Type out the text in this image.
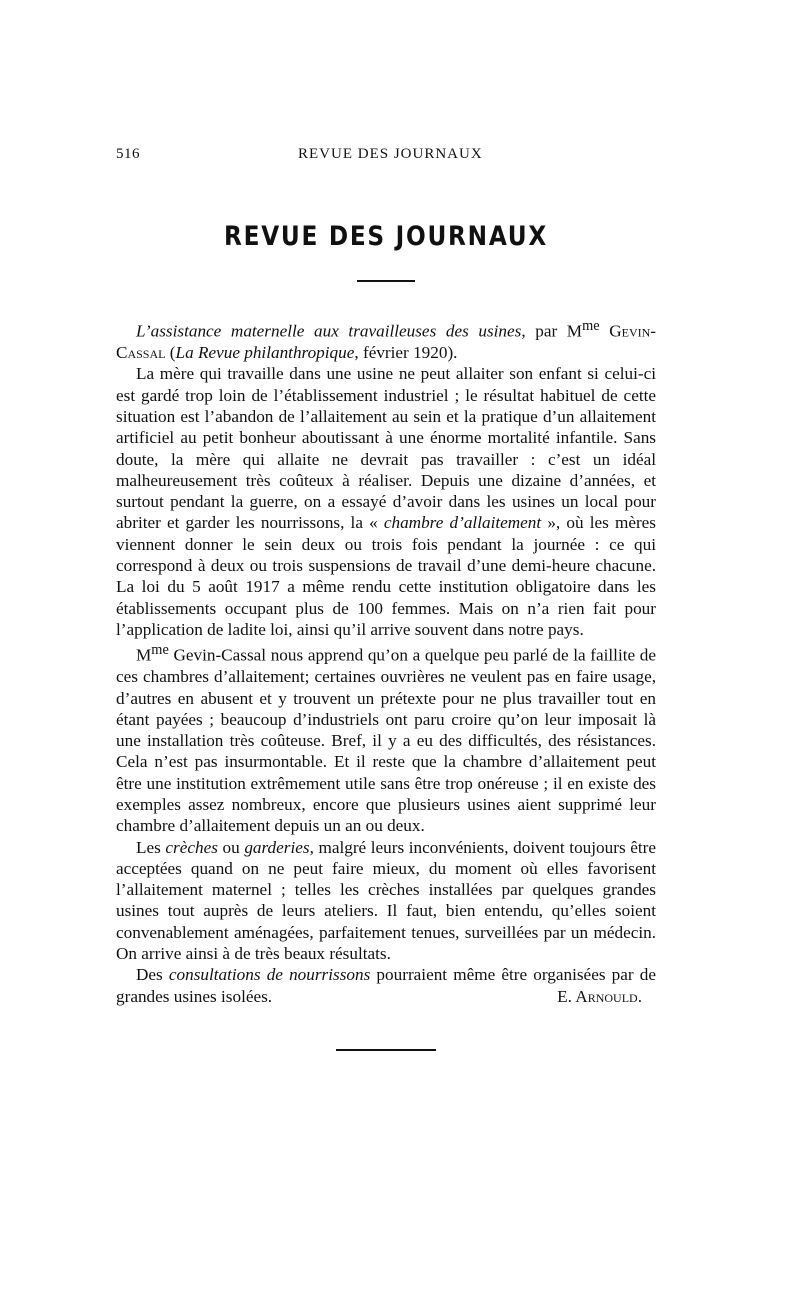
516	REVUE DES JOURNAUX
REVUE DES JOURNAUX

L’assistance maternelle aux travailleuses des usines, par $M^{me}$ Gevin-Cassal (La Revue philanthropique, février 1920).

La mère qui travaille dans une usine ne peut allaiter son enfant si celui-ci est gardé trop loin de l’établissement industriel ; le résultat habituel de cette situation est l’abandon de l’allaitement au sein et la pratique d’un allaitement artificiel au petit bonheur aboutissant à une énorme mortalité infantile. Sans doute, la mère qui allaite ne devrait pas travailler : c’est un idéal malheureusement très coûteux à réaliser. Depuis une dizaine d’années, et surtout pendant la guerre, on a essayé d’avoir dans les usines un local pour abriter et garder les nourrissons, la « chambre d’allaitement », où les mères viennent donner le sein deux ou trois fois pendant la journée : ce qui correspond à deux ou trois suspensions de travail d’une demi-heure chacune. La loi du 5 août 1917 a même rendu cette institution obligatoire dans les établissements occupant plus de 100 femmes. Mais on n’a rien fait pour l’application de ladite loi, ainsi qu’il arrive souvent dans notre pays.

$M^{me}$ Gevin-Cassal nous apprend qu’on a quelque peu parlé de la faillite de ces chambres d’allaitement; certaines ouvrières ne veulent pas en faire usage, d’autres en abusent et y trouvent un prétexte pour ne plus travailler tout en étant payées ; beaucoup d’industriels ont paru croire qu’on leur imposait là une installation très coûteuse. Bref, il y a eu des difficultés, des résistances. Cela n’est pas insurmontable. Et il reste que la chambre d’allaitement peut être une institution extrêmement utile sans être trop onéreuse ; il en existe des exemples assez nombreux, encore que plusieurs usines aient supprimé leur chambre d’allaitement depuis un an ou deux.

Les crèches ou garderies, malgré leurs inconvénients, doivent toujours être acceptées quand on ne peut faire mieux, du moment où elles favorisent l’allaitement maternel ; telles les crèches installées par quelques grandes usines tout auprès de leurs ateliers. Il faut, bien entendu, qu’elles soient convenablement aménagées, parfaitement tenues, surveillées par un médecin. On arrive ainsi à de très beaux résultats.

Des consultations de nourrissons pourraient même être organisées par de grandes usines isolées.	E. Arnould.
